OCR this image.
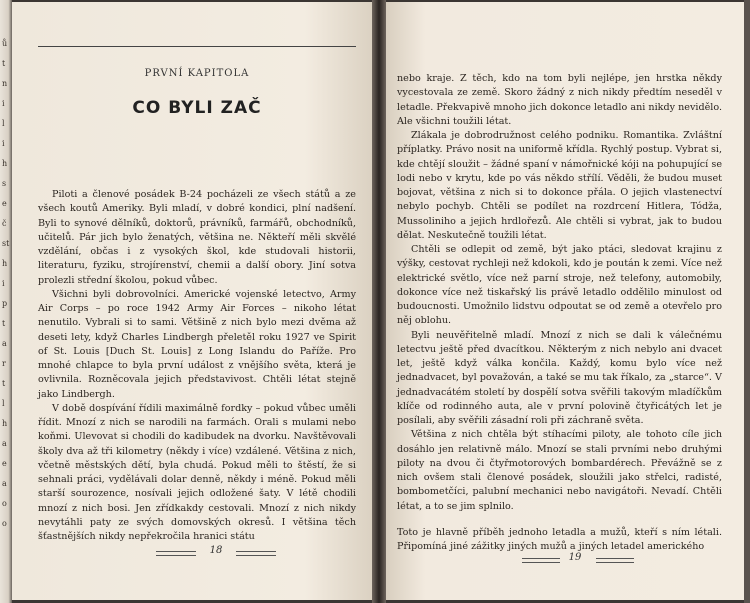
ů
t
n
i
l
i
h
s
e
č
st
h
i
p
t
a
r
t
l
h
a
e
a
o
o
PRVNÍ KAPITOLA
CO BYLI ZAČ

Piloti a členové posádek B-24 pocházeli ze všech států a ze všech koutů Ameriky. Byli mladí, v dobré kondici, plní nadšení. Byli to synové dělníků, doktorů, právníků, farmářů, obchodníků, učitelů. Pár jich bylo ženatých, většina ne. Někteří měli skvělé vzdělání, občas i z vysokých škol, kde studovali historii, literaturu, fyziku, strojírenství, chemii a další obory. Jiní sotva prolezli střední školou, pokud vůbec.

Všichni byli dobrovolníci. Americké vojenské letectvo, Army Air Corps – po roce 1942 Army Air Forces – nikoho létat nenutilo. Vybrali si to sami. Většině z nich bylo mezi dvěma až deseti lety, když Charles Lindbergh přeletěl roku 1927 ve Spirit of St. Louis [Duch St. Louis] z Long Islandu do Paříže. Pro mnohé chlapce to byla první událost z vnějšího světa, která je ovlivnila. Rozněcovala jejich představivost. Chtěli létat stejně jako Lindbergh.

V době dospívání řídili maximálně fordky – pokud vůbec uměli řídit. Mnozí z nich se narodili na farmách. Orali s mulami nebo koňmi. Ulevovat si chodili do kadibudek na dvorku. Navštěvovali školy dva až tři kilometry (někdy i více) vzdálené. Většina z nich, včetně městských dětí, byla chudá. Pokud měli to štěstí, že si sehnali práci, vydělávali dolar denně, někdy i méně. Pokud měli starší sourozence, nosívali jejich odložené šaty. V létě chodili mnozí z nich bosi. Jen zřídkakdy cestovali. Mnozí z nich nikdy nevytáhli paty ze svých domovských okresů. I většina těch šťastnějších nikdy nepřekročila hranici státu

18

nebo kraje. Z těch, kdo na tom byli nejlépe, jen hrstka někdy vycestovala ze země. Skoro žádný z nich nikdy předtím neseděl v letadle. Překvapivě mnoho jich dokonce letadlo ani nikdy nevidělo. Ale všichni toužili létat.

Zlákala je dobrodružnost celého podniku. Romantika. Zvláštní příplatky. Právo nosit na uniformě křídla. Rychlý postup. Vybrat si, kde chtějí sloužit – žádné spaní v námořnické kóji na pohupující se lodi nebo v krytu, kde po vás někdo střílí. Věděli, že budou muset bojovat, většina z nich si to dokonce přála. O jejich vlastenectví nebylo pochyb. Chtěli se podílet na rozdrcení Hitlera, Tódža, Mussoliniho a jejich hrdlořezů. Ale chtěli si vybrat, jak to budou dělat. Neskutečně toužili létat.

Chtěli se odlepit od země, být jako ptáci, sledovat krajinu z výšky, cestovat rychleji než kdokoli, kdo je poután k zemi. Více než elektrické světlo, více než parní stroje, než telefony, automobily, dokonce více než tiskařský lis právě letadlo oddělilo minulost od budoucnosti. Umožnilo lidstvu odpoutat se od země a otevřelo pro něj oblohu.

Byli neuvěřitelně mladí. Mnozí z nich se dali k válečnému letectvu ještě před dvacítkou. Některým z nich nebylo ani dvacet let, ještě když válka končila. Každý, komu bylo více než jednadvacet, byl považován, a také se mu tak říkalo, za „starce“. V jednadvacátém století by dospělí sotva svěřili takovým mladíčkům klíče od rodinného auta, ale v první polovině čtyřicátých let je posílali, aby svěřili zásadní roli při záchraně světa.

Většina z nich chtěla být stíhacími piloty, ale tohoto cíle jich dosáhlo jen relativně málo. Mnozí se stali prvními nebo druhými piloty na dvou či čtyřmotorových bombardérech. Převážně se z nich ovšem stali členové posádek, sloužili jako střelci, radisté, bombometčíci, palubní mechanici nebo navigátoři. Nevadí. Chtěli létat, a to se jim splnilo.

Toto je hlavně příběh jednoho letadla a mužů, kteří s ním létali. Připomíná jiné zážitky jiných mužů a jiných letadel amerického

19
